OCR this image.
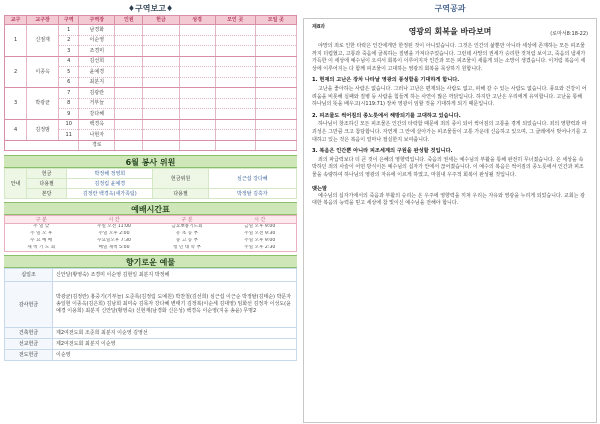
♦구역보고♦
교구	교구장	구역	구역장	인원	헌금	성경	모인 곳	모일 곳
1	신점재	1	남경화					
		2	이순영					
		3	조경미					
2	이종옥	4	김선희					
		5	윤예경					
		6	최분지					
3	박광균	7	김광란					
		8	거부늘					
		9	강다혜					
4	김정범	10	백경옥					
		11	나현자					
			경로					
6월 봉사 위원
안내	헌금	박정해 정영희	헌금위원	심근섭 강다혜
	다용필	김정림 윤예경		
	본당	김정란 백경옥(새가족팀)	다용필	박정탈 김혹자
예배시간표
구 분	시 간	구 분	시 간
주 일 낮	주일 오전 11:00	금요뽀룡기도회	금일 오후 9:00
주 일 오 후	주일 오후 2:00	유 초 등 부	주일 오전 9:30
수 요 예 배	수요일오후 7:30	중 고 등 부	주일 오후 9:00
새 벽 기 도 회	매일 새벽 5:00	청 년 대 학 부	주일 오후 2:30
향기로운 예물
십일조	신안달(황영숙) 조경미 이순영 김현일 최분지 박정해
감사헌금	박광균(김정란) 홍중기(기부늘) 도준록(김정림 도예원) 박찬철(김선희) 심근섭 이근순 박정탈(김태순) 박문자 송일현 이종옥(김은희) 김남희 최미숙 김목자 강다혜 변태기 김정복(이순세 김대영) 임화선 김정자 이성도(윤예경 이용희) 최분지 신안달(황영숙) 신현재(남경화 신은성) 백경옥 이순영(지옹 송윤) 무명2
건축헌금	제2여전도회 조준희 최분지 이순영 김영선
선교헌금	제2여전도회 최분지 이순영
전도헌금	이순영
구역공과
제8과	영광의 회복을 바라보며	(로마서8:18-22)
야망의 죄로 인한 타락은 인간에게만 한정된 것이 아니었습니다. 그것은 인간의 삶뿐만 아니라 세상에 존재하는 모든 피조물까지 더럽혔고, 고통과 죽음에 굴복하는 질병을 가져다주었습니다. 그런데 사망의 권세가 승리한 것처럼 보이고, 죽음의 냄새가 가득한 이 세상에 예수님이 오셔서 회복이 이루어지자 인간과 모든 피조물이 새롭게 되는 소망이 생겼습니다. 이처럼 복음이 세상에 이루어지는 다 함께 피조물이 고대하는 영광의 회복을 묵상하기 원합니다.
1. 현재의 고난은 장차 나타날 영광의 풍성함을 기대하게 합니다.
고난을 좋아하는 사람은 없습니다. 그러나 고난은 편재되는 사람도 없고, 피해 갈 수 있는 사람도 없습니다. 풍요와 건강이 어려움을 비롯해 실패와 질병 등 사람을 힘들게 하는 사연이 많은 까닭입니다. 하지만 고난은 우리에게 유익합니다. 고난을 통해 하나님의 뜻을 배우고(시119:71) 장차 영광이 임할 것을 기대하게 되기 때문입니다.
2. 피조물도 썩어짐의 종노릇에서 해방되기를 고대하고 있습니다.
하나님이 창조하신 모든 피조물은 인간의 타락함 때문에 죄의 종이 되어 썩어짐의 고통을 겪게 되었습니다. 죄의 영향력과 파괴성은 그만큼 크고 참담합니다. 자연계 그 안에 살아가는 피조물들이 고통 가운데 신음하고 있으며, 그 굴레에서 벗어나기를 고대하고 있는 것은 복음이 얼마나 절실한지 보여줍니다.
3. 복음은 인간뿐 아니라 피조세계의 구원을 완성할 것입니다.
죄의 파급력보다 더 큰 것이 은혜의 영향력입니다. 죽음의 권세는 예수님의 부활을 통해 완전히 무너졌습니다. 온 세상을 속박하던 죄의 사슬이 어떤 방식이든 예수님의 십자가 안에서 끊어졌습니다. 이 예수의 복음은 썩어짐의 종노릇에서 인간과 피조물을 속량하여 하나님의 영광의 자유에 이르게 하였고, 마침내 우주적 회복이 완성될 것입니다.
맺는말
예수님의 십자가에서의 죽음과 부활의 승리는 온 우주에 영향력을 끼쳐 우리는 자유와 영광을 누리게 되었습니다. 교회는 광대한 복음의 능력을 믿고 세상에 참 빛이신 예수님을 전해야 합니다.
